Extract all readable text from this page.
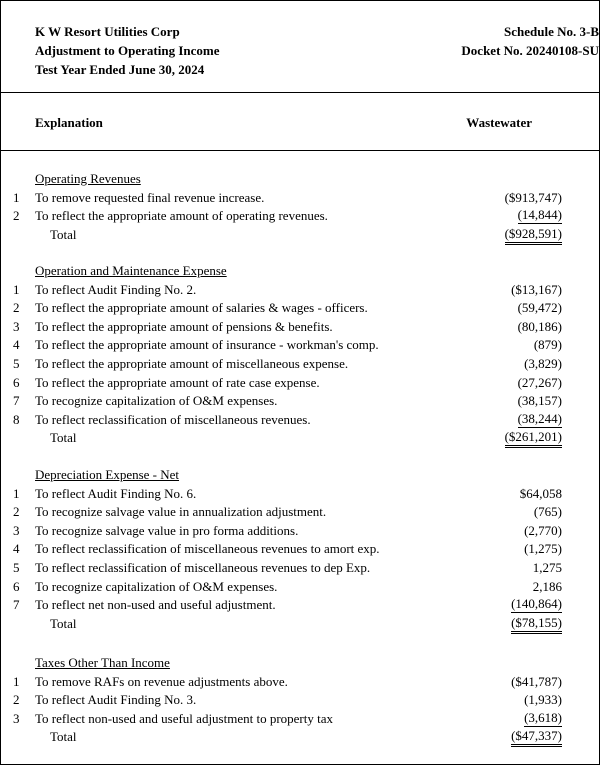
K W Resort Utilities Corp
Adjustment to Operating Income
Test Year Ended June 30, 2024
Schedule No. 3-B
Docket No. 20240108-SU
Explanation	Wastewater
Operating Revenues
1 To remove requested final revenue increase.	($913,747)
2 To reflect the appropriate amount of operating revenues.	(14,844)
Total	($928,591)
Operation and Maintenance Expense
1 To reflect Audit Finding No. 2.	($13,167)
2 To reflect the appropriate amount of salaries & wages - officers.	(59,472)
3 To reflect the appropriate amount of pensions & benefits.	(80,186)
4 To reflect the appropriate amount of insurance - workman's comp.	(879)
5 To reflect the appropriate amount of miscellaneous expense.	(3,829)
6 To reflect the appropriate amount of rate case expense.	(27,267)
7 To recognize capitalization of O&M expenses.	(38,157)
8 To reflect reclassification of miscellaneous revenues.	(38,244)
Total	($261,201)
Depreciation Expense - Net
1 To reflect Audit Finding No. 6.	$64,058
2 To recognize salvage value in annualization adjustment.	(765)
3 To recognize salvage value in pro forma additions.	(2,770)
4 To reflect reclassification of miscellaneous revenues to amort exp.	(1,275)
5 To reflect reclassification of miscellaneous revenues to dep Exp.	1,275
6 To recognize capitalization of O&M expenses.	2,186
7 To reflect net non-used and useful adjustment.	(140,864)
Total	($78,155)
Taxes Other Than Income
1 To remove RAFs on revenue adjustments above.	($41,787)
2 To reflect Audit Finding No. 3.	(1,933)
3 To reflect non-used and useful adjustment to property tax	(3,618)
Total	($47,337)
